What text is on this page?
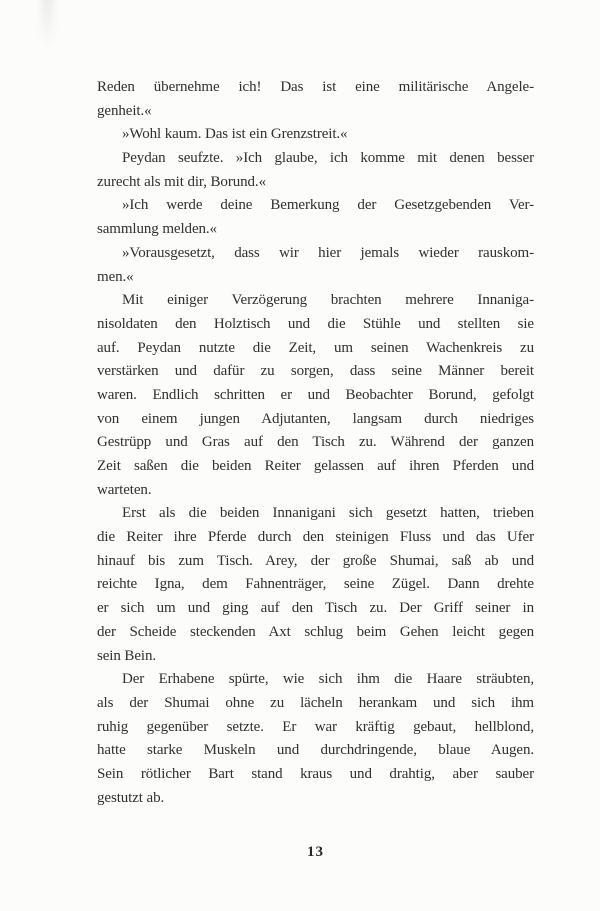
Reden übernehme ich! Das ist eine militärische Angele-
genheit.«
»Wohl kaum. Das ist ein Grenzstreit.«
Peydan seufzte. »Ich glaube, ich komme mit denen besser
zurecht als mit dir, Borund.«
»Ich werde deine Bemerkung der Gesetzgebenden Ver-
sammlung melden.«
»Vorausgesetzt, dass wir hier jemals wieder rauskom-
men.«
Mit einiger Verzögerung brachten mehrere Innaniga-
nisoldaten den Holztisch und die Stühle und stellten sie
auf. Peydan nutzte die Zeit, um seinen Wachenkreis zu
verstärken und dafür zu sorgen, dass seine Männer bereit
waren. Endlich schritten er und Beobachter Borund, gefolgt
von einem jungen Adjutanten, langsam durch niedriges
Gestrüpp und Gras auf den Tisch zu. Während der ganzen
Zeit saßen die beiden Reiter gelassen auf ihren Pferden und
warteten.
Erst als die beiden Innanigani sich gesetzt hatten, trieben
die Reiter ihre Pferde durch den steinigen Fluss und das Ufer
hinauf bis zum Tisch. Arey, der große Shumai, saß ab und
reichte Igna, dem Fahnenträger, seine Zügel. Dann drehte
er sich um und ging auf den Tisch zu. Der Griff seiner in
der Scheide steckenden Axt schlug beim Gehen leicht gegen
sein Bein.
Der Erhabene spürte, wie sich ihm die Haare sträubten,
als der Shumai ohne zu lächeln herankam und sich ihm
ruhig gegenüber setzte. Er war kräftig gebaut, hellblond,
hatte starke Muskeln und durchdringende, blaue Augen.
Sein rötlicher Bart stand kraus und drahtig, aber sauber
gestutzt ab.
13
